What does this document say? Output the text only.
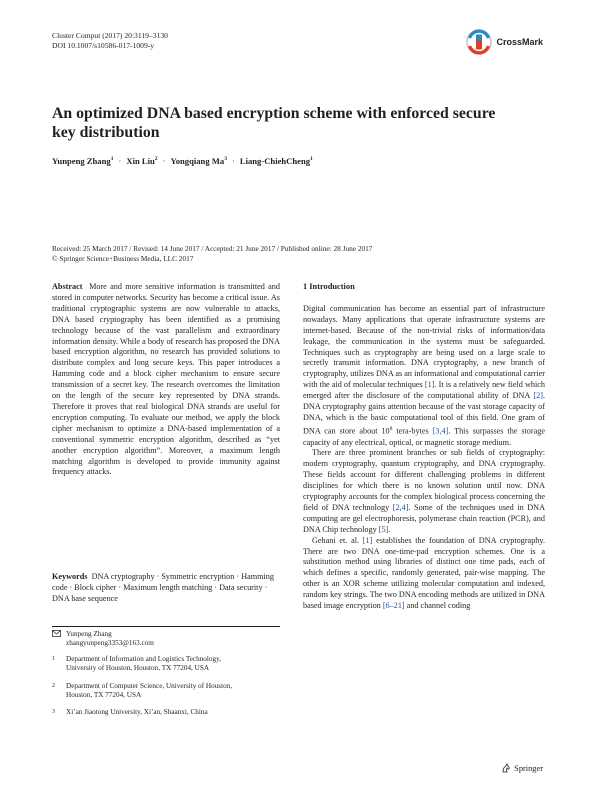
Cluster Comput (2017) 20:3119–3130
DOI 10.1007/s10586-017-1009-y	CrossMark
An optimized DNA based encryption scheme with enforced secure key distribution
Yunpeng Zhang$^1$ · Xin Liu$^2$ · Yongqiang $Ma^3$ · Liang-ChiehCheng$^1$
Received: 25 March 2017 / Revised: 14 June 2017 / Accepted: 21 June 2017 / Published online: 28 June 2017
© Springer Science+Business Media, LLC 2017

Abstract More and more sensitive information is transmitted and stored in computer networks. Security has become a critical issue. As traditional cryptographic systems are now vulnerable to attacks, DNA based cryptography has been identified as a promising technology because of the vast parallelism and extraordinary information density. While a body of research has proposed the DNA based encryption algorithm, no research has provided solutions to distribute complex and long secure keys. This paper introduces a Hamming code and a block cipher mechanism to ensure secure transmission of a secret key. The research overcomes the limitation on the length of the secure key represented by DNA strands. Therefore it proves that real biological DNA strands are useful for encryption computing. To evaluate our method, we apply the block cipher mechanism to optimize a DNA-based implementation of a conventional symmetric encryption algorithm, described as “yet another encryption algorithm”. Moreover, a maximum length matching algorithm is developed to provide immunity against frequency attacks.

Keywords DNA cryptography · Symmetric encryption · Hamming code · Block cipher · Maximum length matching · Data security · DNA base sequence
Yunpeng Zhang
zhangyunpeng3353@163.com
1 Department of Information and Logistics Technology,
University of Houston, Houston, TX 77204, USA
2 Department of Computer Science, University of Houston,
Houston, TX 77204, USA
3 Xi’an Jiaotong University, Xi’an, Shaanxi, China
1 Introduction

Digital communication has become an essential part of infrastructure nowadays. Many applications that operate infrastructure systems are internet-based. Because of the non-trivial risks of information/data leakage, the communication in the systems must be safeguarded. Techniques such as cryptography are being used on a large scale to secretly transmit information. DNA cryptography, a new branch of cryptography, utilizes DNA as an informational and computational carrier with the aid of molecular techniques [1]. It is a relatively new field which emerged after the disclosure of the computational ability of DNA [2]. DNA cryptography gains attention because of the vast storage capacity of DNA, which is the basic computational tool of this field. One gram of DNA can store about $10^8$ tera-bytes [3,4]. This surpasses the storage capacity of any electrical, optical, or magnetic storage medium.

There are three prominent branches or sub fields of cryptography: modern cryptography, quantum cryptography, and DNA cryptography. These fields account for different challenging problems in different disciplines for which there is no known solution until now. DNA cryptography accounts for the complex biological process concerning the field of DNA technology [2,4]. Some of the techniques used in DNA computing are gel electrophoresis, polymerase chain reaction (PCR), and DNA Chip technology [5].

Gehani et. al. [1] establishes the foundation of DNA cryptography. There are two DNA one-time-pad encryption schemes. One is a substitution method using libraries of distinct one time pads, each of which defines a specific, randomly generated, pair-wise mapping. The other is an XOR scheme utilizing molecular computation and indexed, random key strings. The two DNA encoding methods are utilized in DNA based image encryption [6–21] and channel coding

Springer
